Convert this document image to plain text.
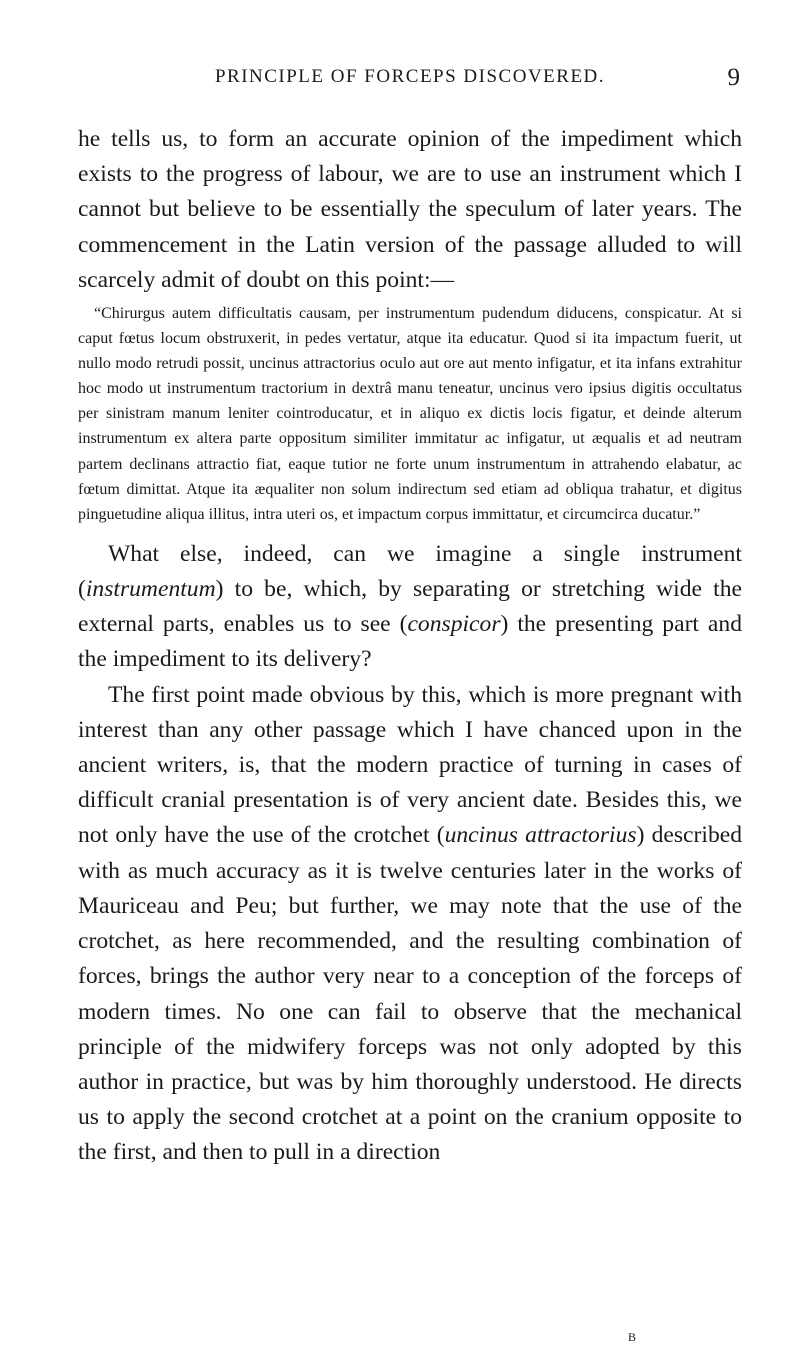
PRINCIPLE OF FORCEPS DISCOVERED.	9

he tells us, to form an accurate opinion of the impediment which exists to the progress of labour, we are to use an instrument which I cannot but believe to be essentially the speculum of later years. The commencement in the Latin version of the passage alluded to will scarcely admit of doubt on this point:—

“Chirurgus autem difficultatis causam, per instrumentum pudendum diducens, conspicatur. At si caput fœtus locum obstruxerit, in pedes vertatur, atque ita educatur. Quod si ita impactum fuerit, ut nullo modo retrudi possit, uncinus attractorius oculo aut ore aut mento infigatur, et ita infans extrahitur hoc modo ut instrumentum tractorium in dextrâ manu teneatur, uncinus vero ipsius digitis occultatus per sinistram manum leniter cointroducatur, et in aliquo ex dictis locis figatur, et deinde alterum instrumentum ex altera parte oppositum similiter immitatur ac infigatur, ut æqualis et ad neutram partem declinans attractio fiat, eaque tutior ne forte unum instrumentum in attrahendo elabatur, ac fœtum dimittat. Atque ita æqualiter non solum indirectum sed etiam ad obliqua trahatur, et digitus pinguetudine aliqua illitus, intra uteri os, et impactum corpus immittatur, et circumcirca ducatur.”

What else, indeed, can we imagine a single instrument (instrumentum) to be, which, by separating or stretching wide the external parts, enables us to see (conspicor) the presenting part and the impediment to its delivery?

The first point made obvious by this, which is more pregnant with interest than any other passage which I have chanced upon in the ancient writers, is, that the modern practice of turning in cases of difficult cranial presentation is of very ancient date. Besides this, we not only have the use of the crotchet (uncinus attractorius) described with as much accuracy as it is twelve centuries later in the works of Mauriceau and Peu; but further, we may note that the use of the crotchet, as here recommended, and the resulting combination of forces, brings the author very near to a conception of the forceps of modern times. No one can fail to observe that the mechanical principle of the midwifery forceps was not only adopted by this author in practice, but was by him thoroughly understood. He directs us to apply the second crotchet at a point on the cranium opposite to the first, and then to pull in a direction

B
